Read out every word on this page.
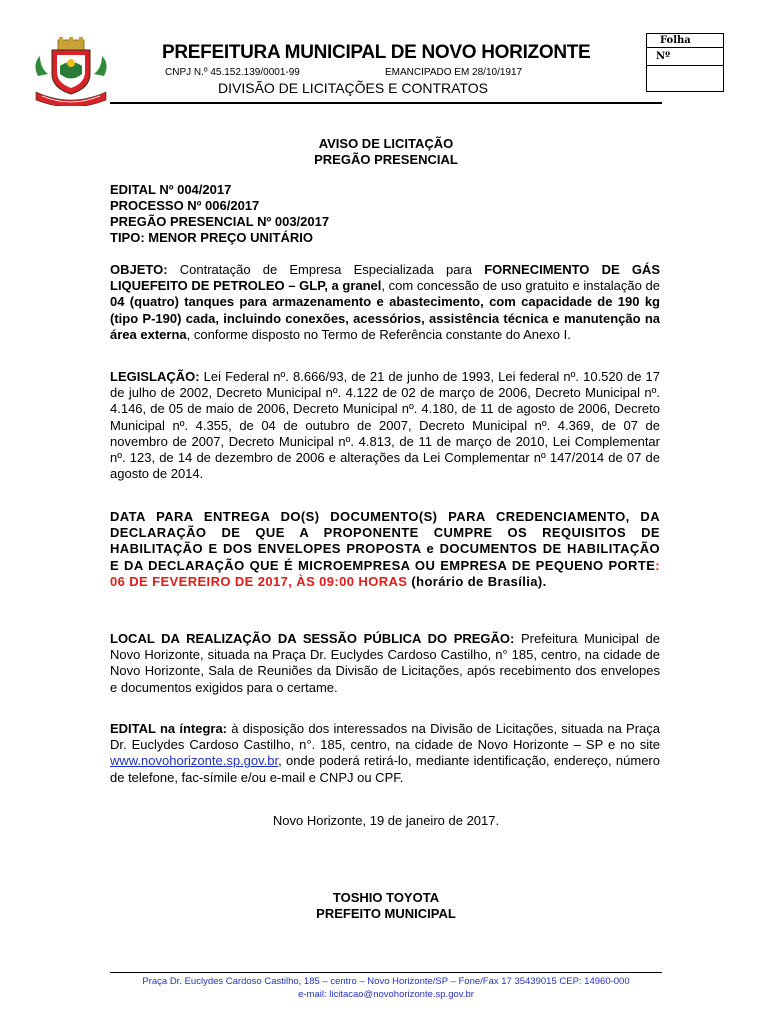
PREFEITURA MUNICIPAL DE NOVO HORIZONTE
CNPJ N.º 45.152.139/0001-99	EMANCIPADO EM 28/10/1917
DIVISÃO DE LICITAÇÕES E CONTRATOS
Folha
Nº
AVISO DE LICITAÇÃO
PREGÃO PRESENCIAL
EDITAL Nº 004/2017
PROCESSO Nº 006/2017
PREGÃO PRESENCIAL Nº 003/2017
TIPO: MENOR PREÇO UNITÁRIO
OBJETO: Contratação de Empresa Especializada para FORNECIMENTO DE GÁS LIQUEFEITO DE PETROLEO – GLP, a granel, com concessão de uso gratuito e instalação de 04 (quatro) tanques para armazenamento e abastecimento, com capacidade de 190 kg (tipo P-190) cada, incluindo conexões, acessórios, assistência técnica e manutenção na área externa, conforme disposto no Termo de Referência constante do Anexo I.
LEGISLAÇÃO: Lei Federal nº. 8.666/93, de 21 de junho de 1993, Lei federal nº. 10.520 de 17 de julho de 2002, Decreto Municipal nº. 4.122 de 02 de março de 2006, Decreto Municipal nº. 4.146, de 05 de maio de 2006, Decreto Municipal nº. 4.180, de 11 de agosto de 2006, Decreto Municipal nº. 4.355, de 04 de outubro de 2007, Decreto Municipal nº. 4.369, de 07 de novembro de 2007, Decreto Municipal nº. 4.813, de 11 de março de 2010, Lei Complementar nº. 123, de 14 de dezembro de 2006 e alterações da Lei Complementar nº 147/2014 de 07 de agosto de 2014.
DATA PARA ENTREGA DO(S) DOCUMENTO(S) PARA CREDENCIAMENTO, DA DECLARAÇÃO DE QUE A PROPONENTE CUMPRE OS REQUISITOS DE HABILITAÇÃO E DOS ENVELOPES PROPOSTA e DOCUMENTOS DE HABILITAÇÃO E DA DECLARAÇÃO QUE É MICROEMPRESA OU EMPRESA DE PEQUENO PORTE: 06 DE FEVEREIRO DE 2017, ÀS 09:00 HORAS (horário de Brasília).
LOCAL DA REALIZAÇÃO DA SESSÃO PÚBLICA DO PREGÃO: Prefeitura Municipal de Novo Horizonte, situada na Praça Dr. Euclydes Cardoso Castilho, n° 185, centro, na cidade de Novo Horizonte, Sala de Reuniões da Divisão de Licitações, após recebimento dos envelopes e documentos exigidos para o certame.
EDITAL na íntegra: à disposição dos interessados na Divisão de Licitações, situada na Praça Dr. Euclydes Cardoso Castilho, n°. 185, centro, na cidade de Novo Horizonte – SP e no site www.novohorizonte.sp.gov.br, onde poderá retirá-lo, mediante identificação, endereço, número de telefone, fac-símile e/ou e-mail e CNPJ ou CPF.
Novo Horizonte, 19 de janeiro de 2017.
TOSHIO TOYOTA
PREFEITO MUNICIPAL
Praça Dr. Euclydes Cardoso Castilho, 185 – centro – Novo Horizonte/SP – Fone/Fax 17 35439015 CEP: 14960-000
e-mail: licitacao@novohorizonte.sp.gov.br
